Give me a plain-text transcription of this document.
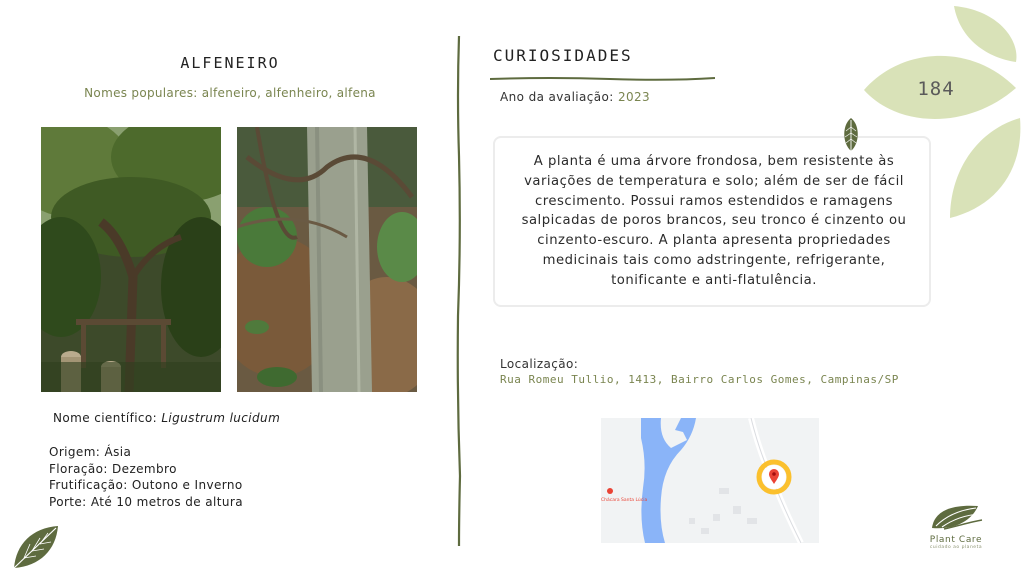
ALFENEIRO
Nomes populares: alfeneiro, alfenheiro, alfena
Nome científico: Ligustrum lucidum
Origem: Ásia
Floração: Dezembro
Frutificação: Outono e Inverno
Porte: Até 10 metros de altura
CURIOSIDADES
Ano da avaliação: 2023
A planta é uma árvore frondosa, bem resistente às variações de temperatura e solo; além de ser de fácil crescimento. Possui ramos estendidos e ramagens salpicadas de poros brancos, seu tronco é cinzento ou cinzento-escuro. A planta apresenta propriedades medicinais tais como adstringente, refrigerante, tonificante e anti-flatulência.
Localização:
Rua Romeu Tullio, 1413, Bairro Carlos Gomes, Campinas/SP
Chácara Santa Lúcia
184
Plant Care
cuidado ao planeta
